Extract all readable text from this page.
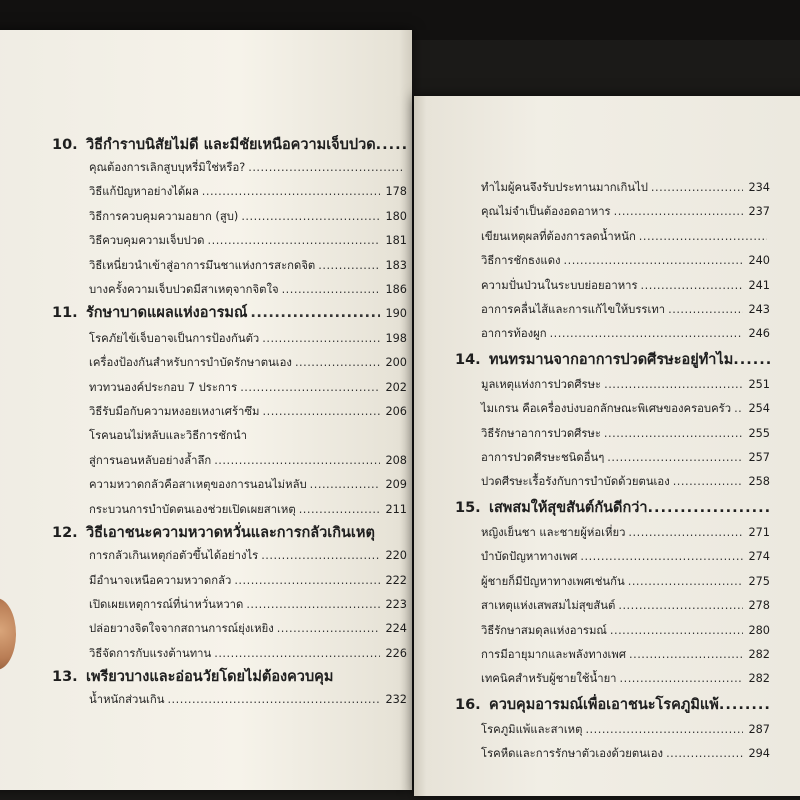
10. วิธีกำราบนิสัยไม่ดี และมีชัยเหนือความเจ็บปวด
.....
คุณต้องการเลิกสูบบุหรี่มิใช่หรือ?
.....
วิธีแก้ปัญหาอย่างได้ผล .....	178
วิธีการควบคุมความอยาก (สูบ) .....	180
วิธีควบคุมความเจ็บปวด .....	181
วิธีเหนี่ยวนำเข้าสู่อาการมึนชาแห่งการสะกดจิต .....	183
บางครั้งความเจ็บปวดมีสาเหตุจากจิตใจ .....	186
11. รักษาบาดแผลแห่งอารมณ์ .....	190
โรคภัยไข้เจ็บอาจเป็นการป้องกันตัว .....	198
เครื่องป้องกันสำหรับการบำบัดรักษาตนเอง .....	200
ทวทวนองค์ประกอบ 7 ประการ .....	202
วิธีรับมือกับความหงอยเหงาเศร้าซึม .....	206
โรคนอนไม่หลับและวิธีการชักนำ
สู่การนอนหลับอย่างล้ำลึก .....	208
ความหวาดกลัวคือสาเหตุของการนอนไม่หลับ .....	209
กระบวนการบำบัดตนเองช่วยเปิดเผยสาเหตุ .....	211
12. วิธีเอาชนะความหวาดหวั่นและการกลัวเกินเหตุ
การกลัวเกินเหตุก่อตัวขึ้นได้อย่างไร .....	220
มีอำนาจเหนือความหวาดกลัว .....	222
เปิดเผยเหตุการณ์ที่น่าหวั่นหวาด .....	223
ปล่อยวางจิตใจจากสถานการณ์ยุ่งเหยิง .....	224
วิธีจัดการกับแรงต้านทาน .....	226
13. เพรียวบางและอ่อนวัยโดยไม่ต้องควบคุม
น้ำหนักส่วนเกิน .....	232
ทำไมผู้คนจึงรับประทานมากเกินไป .....	234
คุณไม่จำเป็นต้องอดอาหาร .....	237
เขียนเหตุผลที่ต้องการลดน้ำหนัก
.....
วิธีการชักธงแดง .....	240
ความปั่นป่วนในระบบย่อยอาหาร .....	241
อาการคลื่นไส้และการแก้ไขให้บรรเทา .....	243
อาการท้องผูก .....	246
14. ทนทรมานจากอาการปวดศีรษะอยู่ทำไม
.....
มูลเหตุแห่งการปวดศีรษะ .....	251
ไมเกรน คือเครื่องบ่งบอกลักษณะพิเศษของครอบครัว ..... 254
วิธีรักษาอาการปวดศีรษะ .....	255
อาการปวดศีรษะชนิดอื่นๆ .....	257
ปวดศีรษะเรื้อรังกับการบำบัดด้วยตนเอง .....	258
15. เสพสมให้สุขสันต์กันดีกว่า
.....
หญิงเย็นชา และชายผู้ห่อเหี่ยว .....	271
บำบัดปัญหาทางเพศ .....	274
ผู้ชายก็มีปัญหาทางเพศเช่นกัน .....	275
สาเหตุแห่งเสพสมไม่สุขสันต์ .....	278
วิธีรักษาสมดุลแห่งอารมณ์ .....	280
การมีอายุมากและพลังทางเพศ .....	282
เทคนิคสำหรับผู้ชายใช้น้ำยา .....	282
16. ควบคุมอารมณ์เพื่อเอาชนะโรคภูมิแพ้
.....
โรคภูมิแพ้และสาเหตุ .....	287
โรคหืดและการรักษาตัวเองด้วยตนเอง .....	294
